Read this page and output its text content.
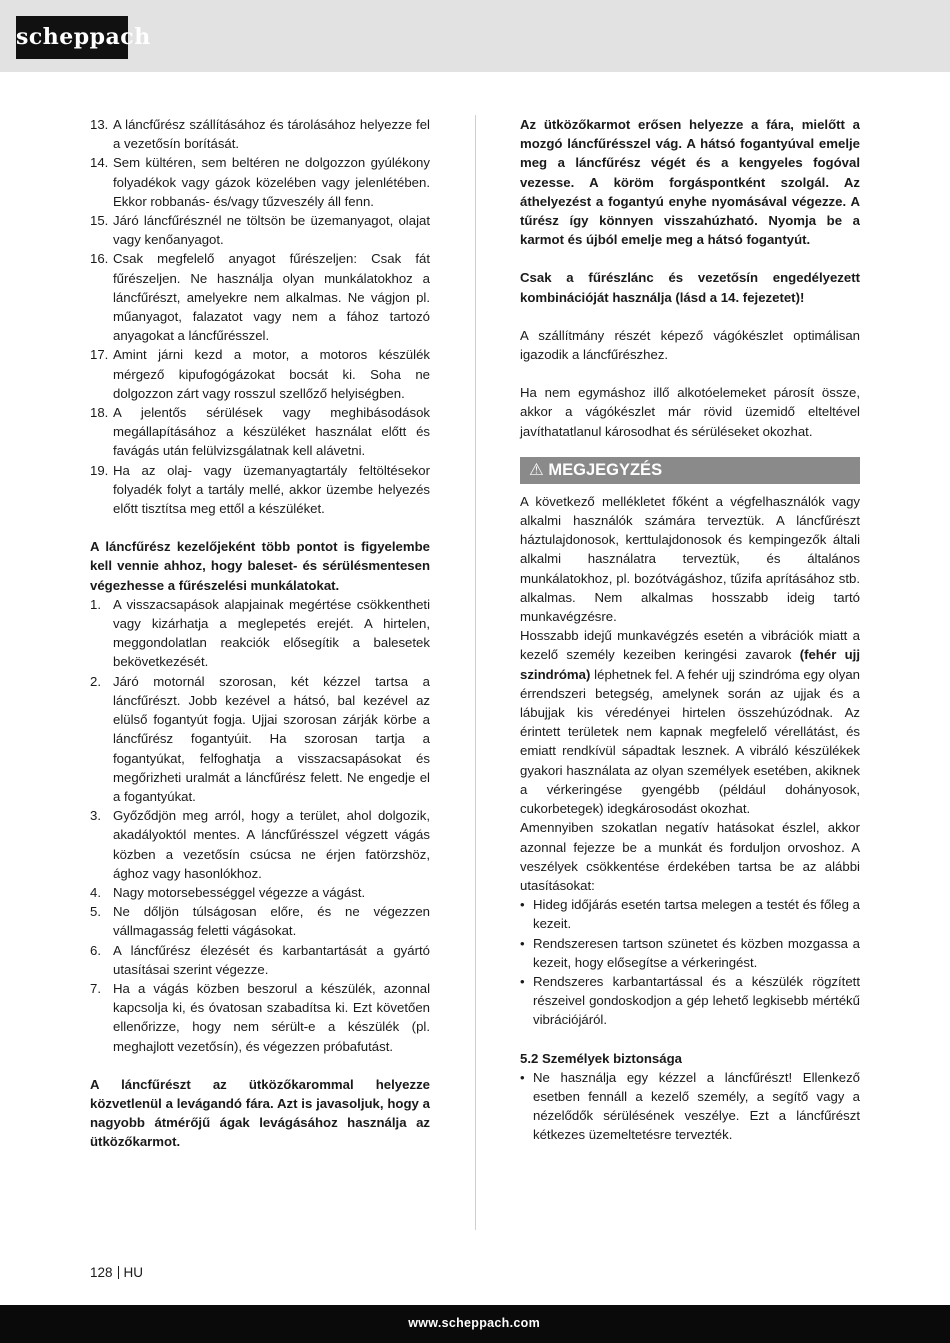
scheppach
13. A láncfűrész szállításához és tárolásához helyezze fel a vezetősín borítását.
14. Sem kültéren, sem beltéren ne dolgozzon gyúlékony folyadékok vagy gázok közelében vagy jelenlétében. Ekkor robbanás- és/vagy tűzveszély áll fenn.
15. Járó láncfűrésznél ne töltsön be üzemanyagot, olajat vagy kenőanyagot.
16. Csak megfelelő anyagot fűrészeljen: Csak fát fűrészeljen. Ne használja olyan munkálatokhoz a láncfűrészt, amelyekre nem alkalmas. Ne vágjon pl. műanyagot, falazatot vagy nem a fához tartozó anyagokat a láncfűrésszel.
17. Amint járni kezd a motor, a motoros készülék mérgező kipufogógázokat bocsát ki. Soha ne dolgozzon zárt vagy rosszul szellőző helyiségben.
18. A jelentős sérülések vagy meghibásodások megállapításához a készüléket használat előtt és favágás után felülvizsgálatnak kell alávetni.
19. Ha az olaj- vagy üzemanyagtartály feltöltésekor folyadék folyt a tartály mellé, akkor üzembe helyezés előtt tisztítsa meg ettől a készüléket.

A láncfűrész kezelőjeként több pontot is figyelembe kell vennie ahhoz, hogy baleset- és sérülésmentesen végezhesse a fűrészelési munkálatokat.

1. A visszacsapások alapjainak megértése csökkentheti vagy kizárhatja a meglepetés erejét. A hirtelen, meggondolatlan reakciók elősegítik a balesetek bekövetkezését.
2. Járó motornál szorosan, két kézzel tartsa a láncfűrészt. Jobb kezével a hátsó, bal kezével az elülső fogantyút fogja. Ujjai szorosan zárják körbe a láncfűrész fogantyúit. Ha szorosan tartja a fogantyúkat, felfoghatja a visszacsapásokat és megőrizheti uralmát a láncfűrész felett. Ne engedje el a fogantyúkat.
3. Győződjön meg arról, hogy a terület, ahol dolgozik, akadályoktól mentes. A láncfűrésszel végzett vágás közben a vezetősín csúcsa ne érjen fatörzshöz, ághoz vagy hasonlókhoz.
4. Nagy motorsebességgel végezze a vágást.
5. Ne dőljön túlságosan előre, és ne végezzen vállmagasság feletti vágásokat.
6. A láncfűrész élezését és karbantartását a gyártó utasításai szerint végezze.
7. Ha a vágás közben beszorul a készülék, azonnal kapcsolja ki, és óvatosan szabadítsa ki. Ezt követően ellenőrizze, hogy nem sérült-e a készülék (pl. meghajlott vezetősín), és végezzen próbafutást.

A láncfűrészt az ütközőkarommal helyezze közvetlenül a levágandó fára. Azt is javasoljuk, hogy a nagyobb átmérőjű ágak levágásához használja az ütközőkarmot.

Az ütközőkarmot erősen helyezze a fára, mielőtt a mozgó láncfűrésszel vág. A hátsó fogantyúval emelje meg a láncfűrész végét és a kengyeles fogóval vezesse. A köröm forgáspontként szolgál. Az áthelyezést a fogantyú enyhe nyomásával végezze. A tűrész így könnyen visszahúzható. Nyomja be a karmot és újból emelje meg a hátsó fogantyút.

Csak a fűrészlánc és vezetősín engedélyezett kombinációját használja (lásd a 14. fejezetet)!

A szállítmány részét képező vágókészlet optimálisan igazodik a láncfűrészhez.

Ha nem egymáshoz illő alkotóelemeket párosít össze, akkor a vágókészlet már rövid üzemidő elteltével javíthatatlanul károsodhat és sérüléseket okozhat.

⚠ MEGJEGYZÉS

A következő mellékletet főként a végfelhasználók vagy alkalmi használók számára terveztük. A láncfűrészt háztulajdonosok, kerttulajdonosok és kempingezők általi alkalmi használatra terveztük, és általános munkálatokhoz, pl. bozótvágáshoz, tűzifa aprításához stb. alkalmas. Nem alkalmas hosszabb ideig tartó munkavégzésre.

Hosszabb idejű munkavégzés esetén a vibrációk miatt a kezelő személy kezeiben keringési zavarok (fehér ujj szindróma) léphetnek fel. A fehér ujj szindróma egy olyan érrendszeri betegség, amelynek során az ujjak és a lábujjak kis véredényei hirtelen összehúzódnak. Az érintett területek nem kapnak megfelelő vérellátást, és emiatt rendkívül sápadtak lesznek. A vibráló készülékek gyakori használata az olyan személyek esetében, akiknek a vérkeringése gyengébb (például dohányosok, cukorbetegek) idegkárosodást okozhat.

Amennyiben szokatlan negatív hatásokat észlel, akkor azonnal fejezze be a munkát és forduljon orvoshoz. A veszélyek csökkentése érdekében tartsa be az alábbi utasításokat:

• Hideg időjárás esetén tartsa melegen a testét és főleg a kezeit.
• Rendszeresen tartson szünetet és közben mozgassa a kezeit, hogy elősegítse a vérkeringést.
• Rendszeres karbantartással és a készülék rögzített részeivel gondoskodjon a gép lehető legkisebb mértékű vibrációjáról.

5.2 Személyek biztonsága

• Ne használja egy kézzel a láncfűrészt! Ellenkező esetben fennáll a kezelő személy, a segítő vagy a nézelődők sérülésének veszélye. Ezt a láncfűrészt kétkezes üzemeltetésre tervezték.
128 HU
www.scheppach.com
